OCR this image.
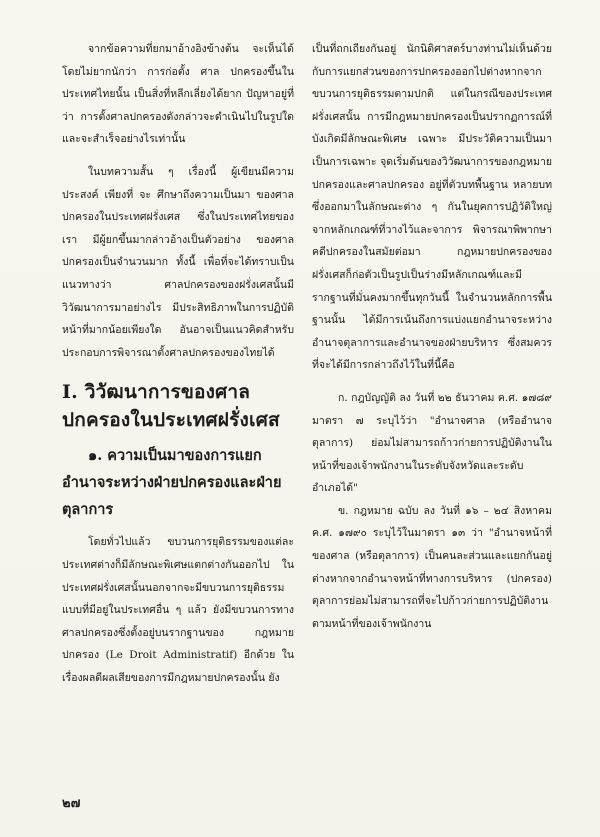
จากข้อความที่ยกมาอ้างอิงข้างต้น จะเห็นได้โดยไม่ยากนักว่า การก่อตั้ง ศาล ปกครองขึ้นในประเทศไทยนั้น เป็นสิ่งที่หลีกเลี่ยงได้ยาก ปัญหาอยู่ที่ว่า การตั้งศาลปกครองดังกล่าวจะดำเนินไปในรูปใดและจะสำเร็จอย่างไรเท่านั้น

ในบทความสั้น ๆ เรื่องนี้ ผู้เขียนมีความประสงค์ เพียงที่ จะ ศึกษาถึงความเป็นมา ของศาลปกครองในประเทศฝรั่งเศส ซึ่งในประเทศไทยของเรา มีผู้ยกขึ้นมากล่าวอ้างเป็นตัวอย่าง ของศาลปกครองเป็นจำนวนมาก ทั้งนี้ เพื่อที่จะได้ทราบเป็นแนวทางว่า ศาลปกครองของฝรั่งเศสนั้นมีวิวัฒนาการมาอย่างไร มีประสิทธิภาพในการปฏิบัติหน้าที่มากน้อยเพียงใด อันอาจเป็นแนวคิดสำหรับประกอบการพิจารณาตั้งศาลปกครองของไทยได้

I. วิวัฒนาการของศาลปกครองในประเทศฝรั่งเศส
๑. ความเป็นมาของการแยกอำนาจระหว่างฝ่ายปกครองและฝ่ายตุลาการ

โดยทั่วไปแล้ว ขบวนการยุติธรรมของแต่ละประเทศต่างก็มีลักษณะพิเศษแตกต่างกันออกไป ในประเทศฝรั่งเศสนั้นนอกจากจะมีขบวนการยุติธรรมแบบที่มีอยู่ในประเทศอื่น ๆ แล้ว ยังมีขบวนการทางศาลปกครองซึ่งตั้งอยู่บนรากฐานของ กฎหมายปกครอง (Le Droit Administratif) อีกด้วย ในเรื่องผลดีผลเสียของการมีกฎหมายปกครองนั้น ยัง

เป็นที่ถกเถียงกันอยู่ นักนิติศาสตร์บางท่านไม่เห็นด้วยกับการแยกส่วนของการปกครองออกไปต่างหากจากขบวนการยุติธรรมตามปกติ แต่ในกรณีของประเทศฝรั่งเศสนั้น การมีกฎหมายปกครองเป็นปรากฏการณ์ที่บังเกิดมีลักษณะพิเศษ เฉพาะ มีประวัติความเป็นมาเป็นการเฉพาะ จุดเริ่มต้นของวิวัฒนาการของกฎหมายปกครองและศาลปกครอง อยู่ที่ตัวบทพื้นฐาน หลายบทซึ่งออกมาในลักษณะต่าง ๆ กันในยุคการปฏิวัติใหญ่ จากหลักเกณฑ์ที่วางไว้และจาการ พิจารณาพิพากษาคดีปกครองในสมัยต่อมา กฎหมายปกครองของฝรั่งเศสก็ก่อตัวเป็นรูปเป็นร่างมีหลักเกณฑ์และมีรากฐานที่มั่นคงมากขึ้นทุกวันนี้ ในจำนวนหลักการพื้นฐานนั้น ได้มีการเน้นถึงการแบ่งแยกอำนาจระหว่างอำนาจตุลาการและอำนาจของฝ่ายบริหาร ซึ่งสมควรที่จะได้มีการกล่าวถึงไว้ในที่นี้คือ

ก. กฎบัญญัติ ลง วันที่ ๒๒ ธันวาคม ค.ศ. ๑๗๘๙ มาตรา ๗ ระบุไว้ว่า "อำนาจศาล (หรืออำนาจตุลาการ) ย่อมไม่สามารถก้าวก่ายการปฏิบัติงานในหน้าที่ของเจ้าพนักงานในระดับจังหวัดและระดับอำเภอได้"

ข. กฎหมาย ฉบับ ลง วันที่ ๑๖ – ๒๔ สิงหาคม ค.ศ. ๑๗๙๐ ระบุไว้ในมาตรา ๑๓ ว่า "อำนาจหน้าที่ของศาล (หรือตุลาการ) เป็นคนละส่วนและแยกกันอยู่ต่างหากจากอำนาจหน้าที่ทางการบริหาร (ปกครอง) ตุลาการย่อมไม่สามารถที่จะไปก้าวก่ายการปฏิบัติงานตามหน้าที่ของเจ้าพนักงาน

๒๗
